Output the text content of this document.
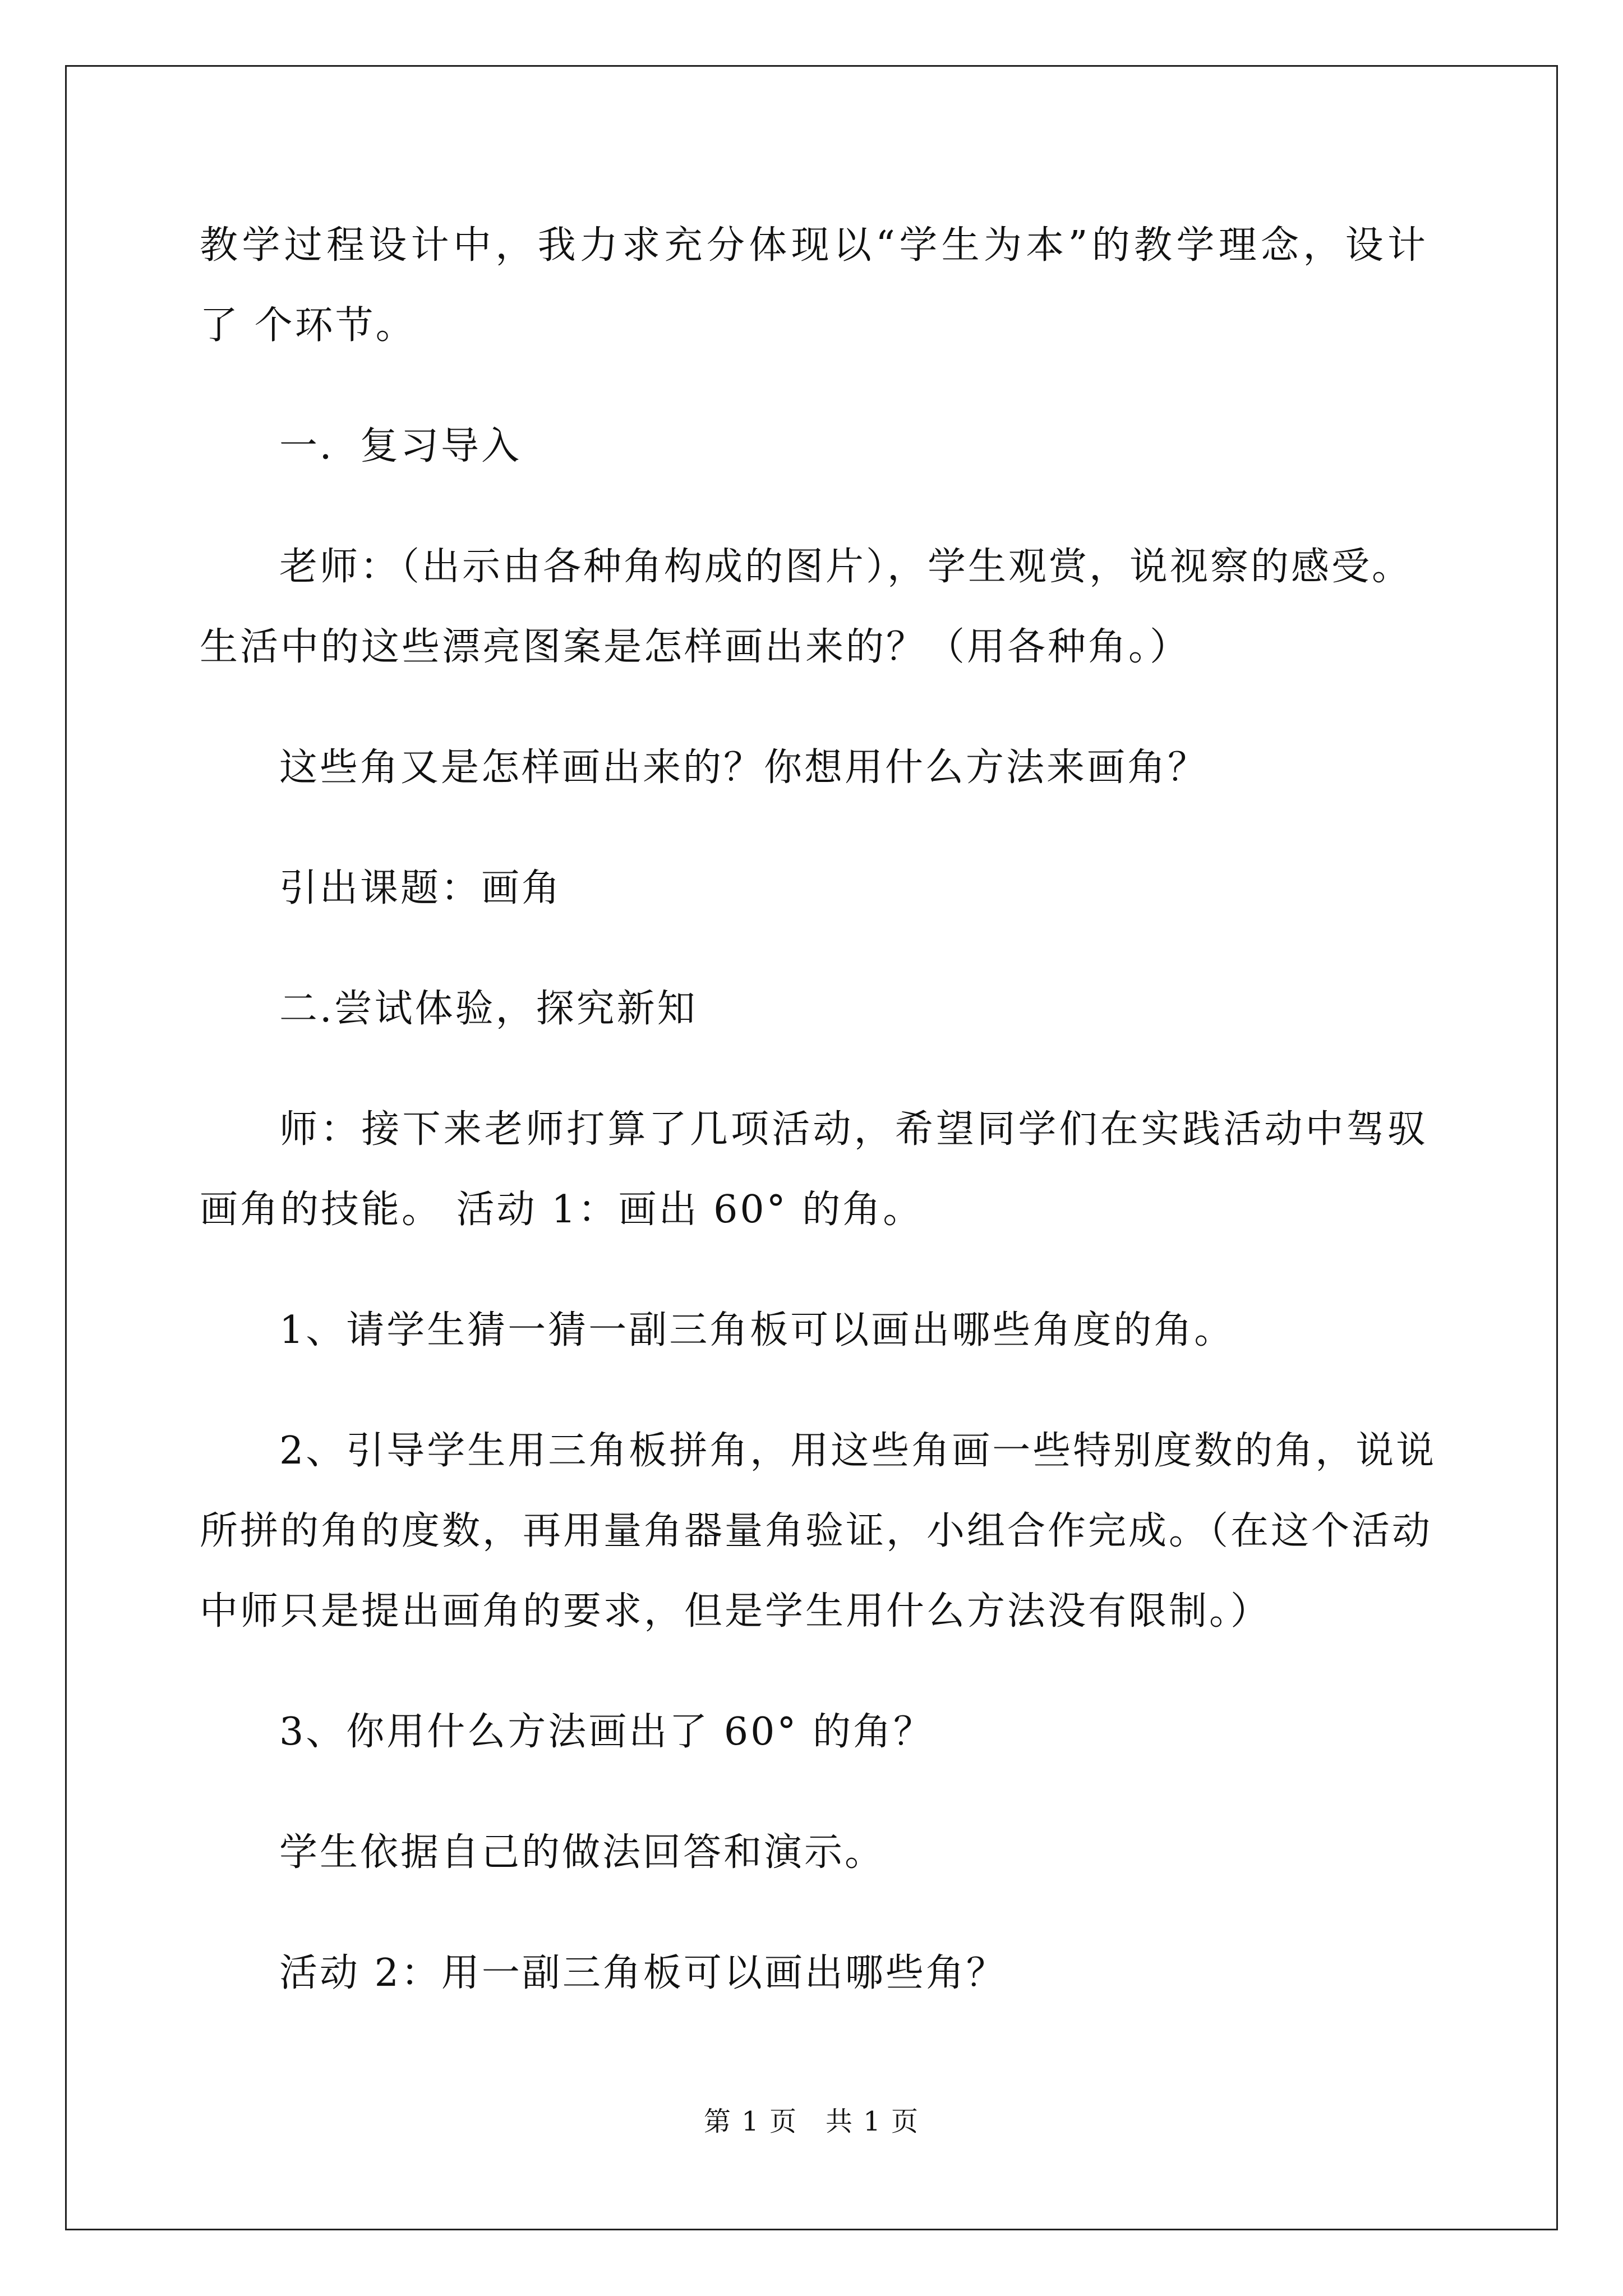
教学过程设计中，我力求充分体现以“学生为本”的教学理念，设计
了 个环节。
一．复习导入
老师：（出示由各种角构成的图片），学生观赏，说视察的感受。
生活中的这些漂亮图案是怎样画出来的？（用各种角。）
这些角又是怎样画出来的？你想用什么方法来画角？
引出课题：画角
二.尝试体验，探究新知
师：接下来老师打算了几项活动，希望同学们在实践活动中驾驭
画角的技能。 活动 1：画出 60° 的角。
1、请学生猜一猜一副三角板可以画出哪些角度的角。
2、引导学生用三角板拼角，用这些角画一些特别度数的角，说说
所拼的角的度数，再用量角器量角验证，小组合作完成。（在这个活动
中师只是提出画角的要求，但是学生用什么方法没有限制。）
3、你用什么方法画出了 60° 的角？
学生依据自己的做法回答和演示。
活动 2：用一副三角板可以画出哪些角？
第 1 页　共 1 页
